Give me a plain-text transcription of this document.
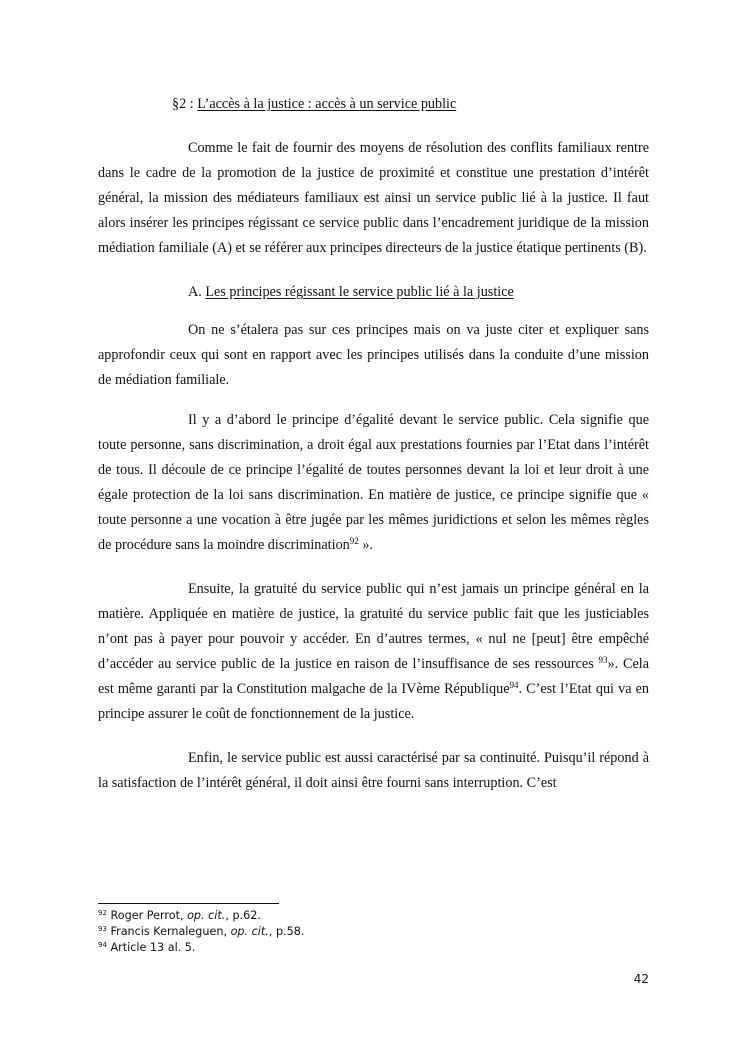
§2 : L’accès à la justice : accès à un service public

Comme le fait de fournir des moyens de résolution des conflits familiaux rentre dans le cadre de la promotion de la justice de proximité et constitue une prestation d’intérêt général, la mission des médiateurs familiaux est ainsi un service public lié à la justice. Il faut alors insérer les principes régissant ce service public dans l’encadrement juridique de la mission médiation familiale (A) et se référer aux principes directeurs de la justice étatique pertinents (B).

A. Les principes régissant le service public lié à la justice

On ne s’étalera pas sur ces principes mais on va juste citer et expliquer sans approfondir ceux qui sont en rapport avec les principes utilisés dans la conduite d’une mission de médiation familiale.

Il y a d’abord le principe d’égalité devant le service public. Cela signifie que toute personne, sans discrimination, a droit égal aux prestations fournies par l’Etat dans l’intérêt de tous. Il découle de ce principe l’égalité de toutes personnes devant la loi et leur droit à une égale protection de la loi sans discrimination. En matière de justice, ce principe signifie que « toute personne a une vocation à être jugée par les mêmes juridictions et selon les mêmes règles de procédure sans la moindre discrimination$^{92}$ ».

Ensuite, la gratuité du service public qui n’est jamais un principe général en la matière. Appliquée en matière de justice, la gratuité du service public fait que les justiciables n’ont pas à payer pour pouvoir y accéder. En d’autres termes, « nul ne [peut] être empêché d’accéder au service public de la justice en raison de l’insuffisance de ses ressources $^{93}$». Cela est même garanti par la Constitution malgache de la IVème République$^{94}$. C’est l’Etat qui va en principe assurer le coût de fonctionnement de la justice.

Enfin, le service public est aussi caractérisé par sa continuité. Puisqu’il répond à la satisfaction de l’intérêt général, il doit ainsi être fourni sans interruption. C’est

$^{92}$ Roger Perrot, op. cit., p.62.
$^{93}$ Francis Kernaleguen, op. cit., p.58.
$^{94}$ Article 13 al. 5.
42
